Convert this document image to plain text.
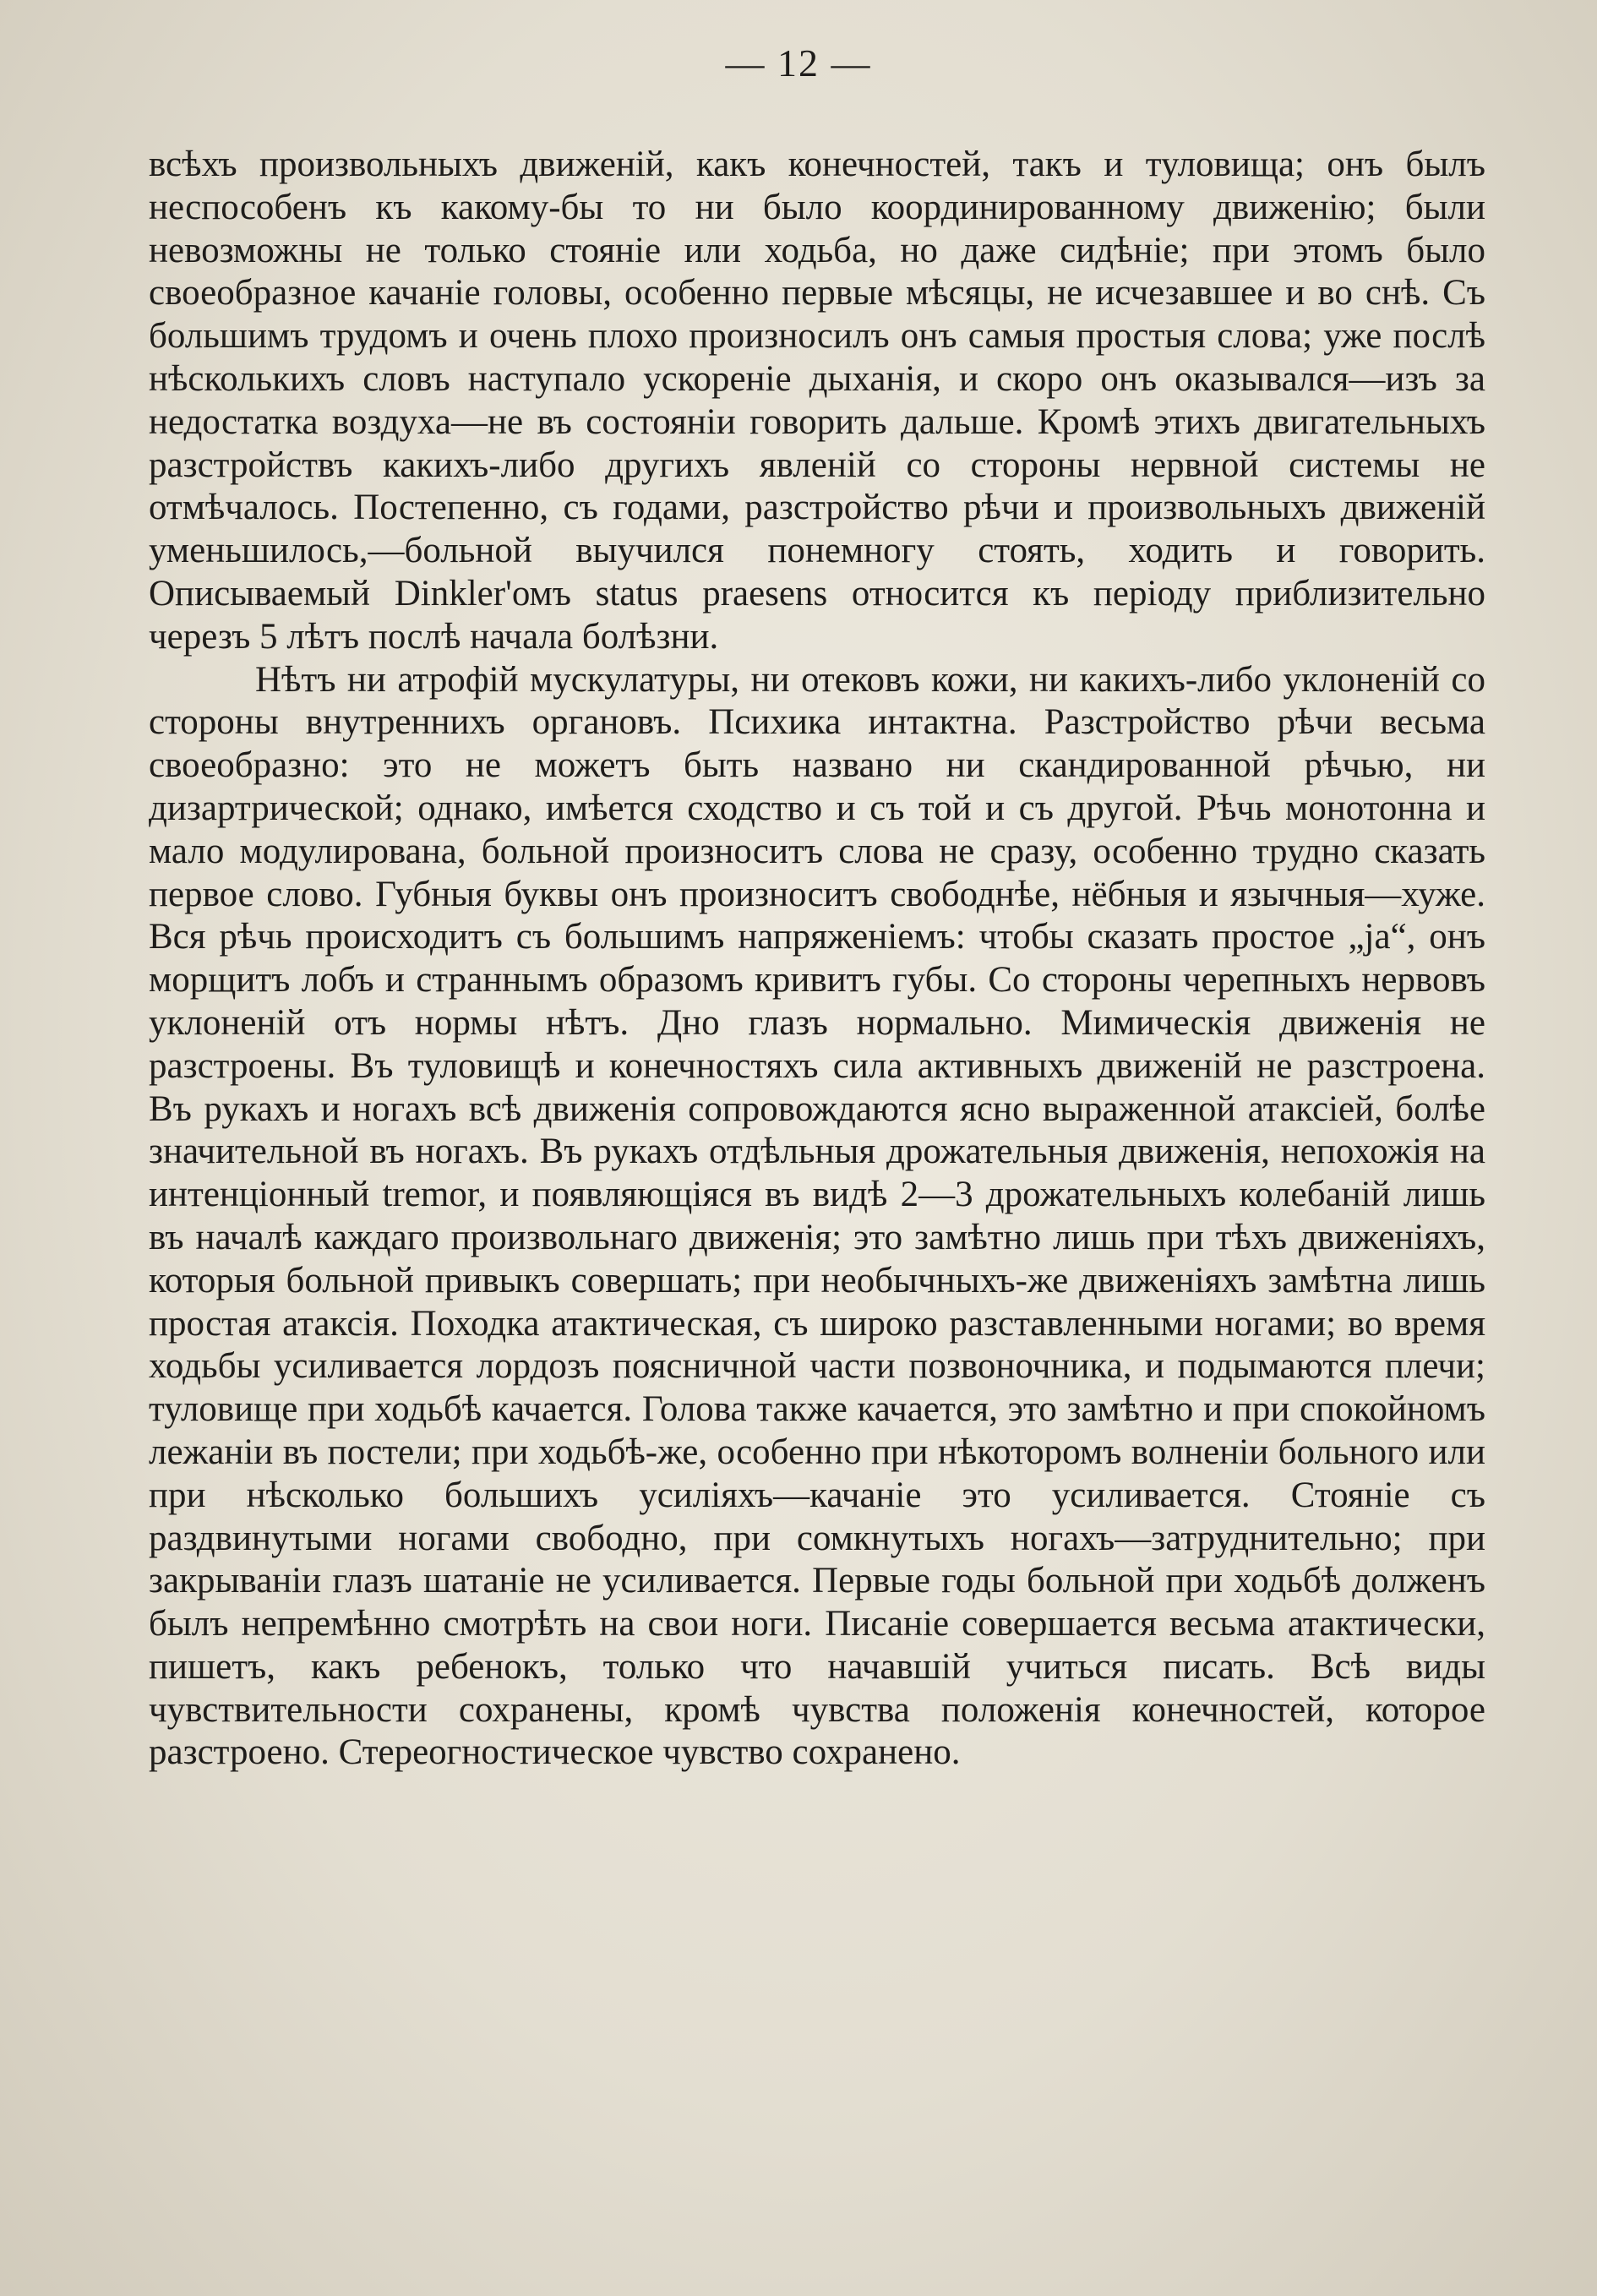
— 12 —

всѣхъ произвольныхъ движеній, какъ конечностей, такъ и туловища; онъ былъ неспособенъ къ какому-бы то ни было координированному движенію; были невозможны не только стояніе или ходьба, но даже сидѣніе; при этомъ было своеобразное качаніе головы, особенно первые мѣсяцы, не исчезавшее и во снѣ. Съ большимъ трудомъ и очень плохо произносилъ онъ самыя простыя слова; уже послѣ нѣсколькихъ словъ наступало ускореніе дыханія, и скоро онъ оказывался—изъ за недостатка воздуха—не въ состояніи говорить дальше. Кромѣ этихъ двигательныхъ разстройствъ какихъ-либо другихъ явленій со стороны нервной системы не отмѣчалось. Постепенно, съ годами, разстройство рѣчи и произвольныхъ движеній уменьшилось,—больной выучился понемногу стоять, ходить и говорить. Описываемый Dinkler'омъ status praesens относится къ періоду приблизительно черезъ 5 лѣтъ послѣ начала болѣзни.

Нѣтъ ни атрофій мускулатуры, ни отековъ кожи, ни какихъ-либо уклоненій со стороны внутреннихъ органовъ. Психика интактна. Разстройство рѣчи весьма своеобразно: это не можетъ быть названо ни скандированной рѣчью, ни дизартрической; однако, имѣется сходство и съ той и съ другой. Рѣчь монотонна и мало модулирована, больной произноситъ слова не сразу, особенно трудно сказать первое слово. Губныя буквы онъ произноситъ свободнѣе, нёбныя и язычныя—хуже. Вся рѣчь происходитъ съ большимъ напряженіемъ: чтобы сказать простое „ja“, онъ морщитъ лобъ и страннымъ образомъ кривитъ губы. Со стороны черепныхъ нервовъ уклоненій отъ нормы нѣтъ. Дно глазъ нормально. Мимическія движенія не разстроены. Въ туловищѣ и конечностяхъ сила активныхъ движеній не разстроена. Въ рукахъ и ногахъ всѣ движенія сопровождаются ясно выраженной атаксіей, болѣе значительной въ ногахъ. Въ рукахъ отдѣльныя дрожательныя движенія, непохожія на интенціонный tremor, и появляющіяся въ видѣ 2—3 дрожательныхъ колебаній лишь въ началѣ каждаго произвольнаго движенія; это замѣтно лишь при тѣхъ движеніяхъ, которыя больной привыкъ совершать; при необычныхъ-же движеніяхъ замѣтна лишь простая атаксія. Походка атактическая, съ широко разставленными ногами; во время ходьбы усиливается лордозъ поясничной части позвоночника, и подымаются плечи; туловище при ходьбѣ качается. Голова также качается, это замѣтно и при спокойномъ лежаніи въ постели; при ходьбѣ-же, особенно при нѣкоторомъ волненіи больного или при нѣсколько большихъ усиліяхъ—качаніе это усиливается. Стояніе съ раздвинутыми ногами свободно, при сомкнутыхъ ногахъ—затруднительно; при закрываніи глазъ шатаніе не усиливается. Первые годы больной при ходьбѣ долженъ былъ непремѣнно смотрѣть на свои ноги. Писаніе совершается весьма атактически, пишетъ, какъ ребенокъ, только что начавшій учиться писать. Всѣ виды чувствительности сохранены, кромѣ чувства положенія конечностей, которое разстроено. Стереогностическое чувство сохранено.
